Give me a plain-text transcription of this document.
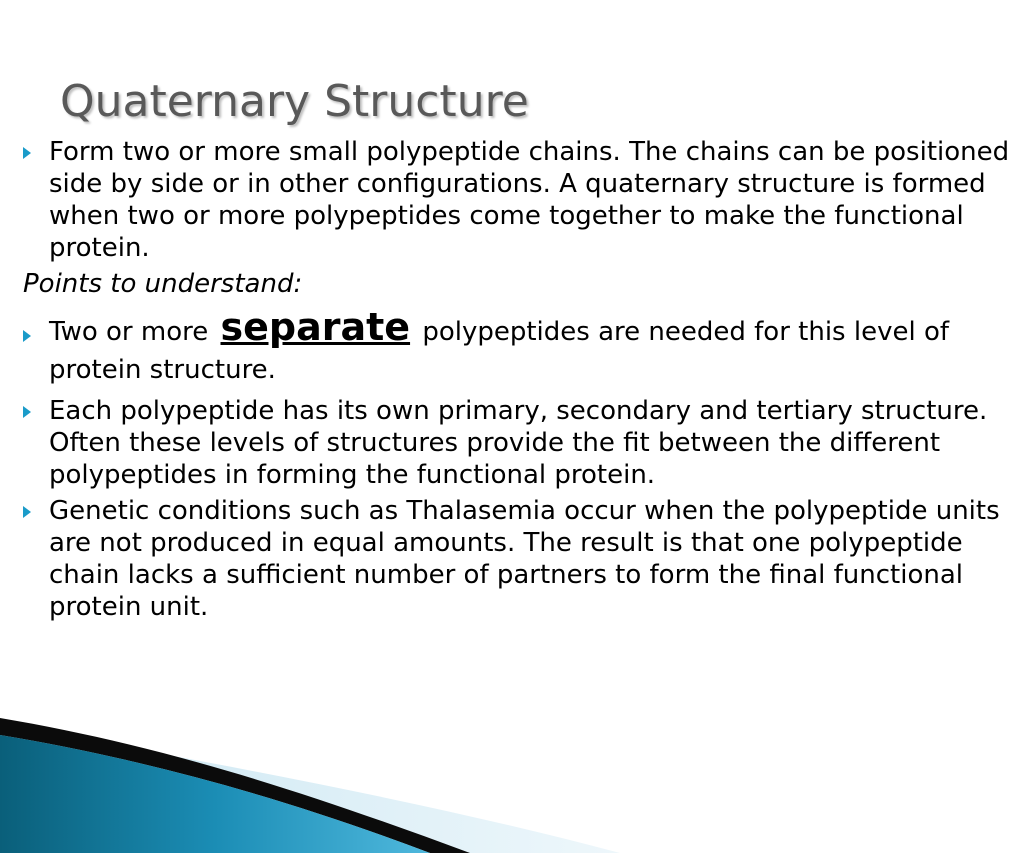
Quaternary Structure

Form two or more small polypeptide chains. The chains can be positioned side by side or in other configurations. A quaternary structure is formed when two or more polypeptides come together to make the functional protein.

Points to understand:

Two or more separate polypeptides are needed for this level of protein structure.

Each polypeptide has its own primary, secondary and tertiary structure. Often these levels of structures provide the fit between the different polypeptides in forming the functional protein.

Genetic conditions such as Thalasemia occur when the polypeptide units are not produced in equal amounts. The result is that one polypeptide chain lacks a sufficient number of partners to form the final functional protein unit.
